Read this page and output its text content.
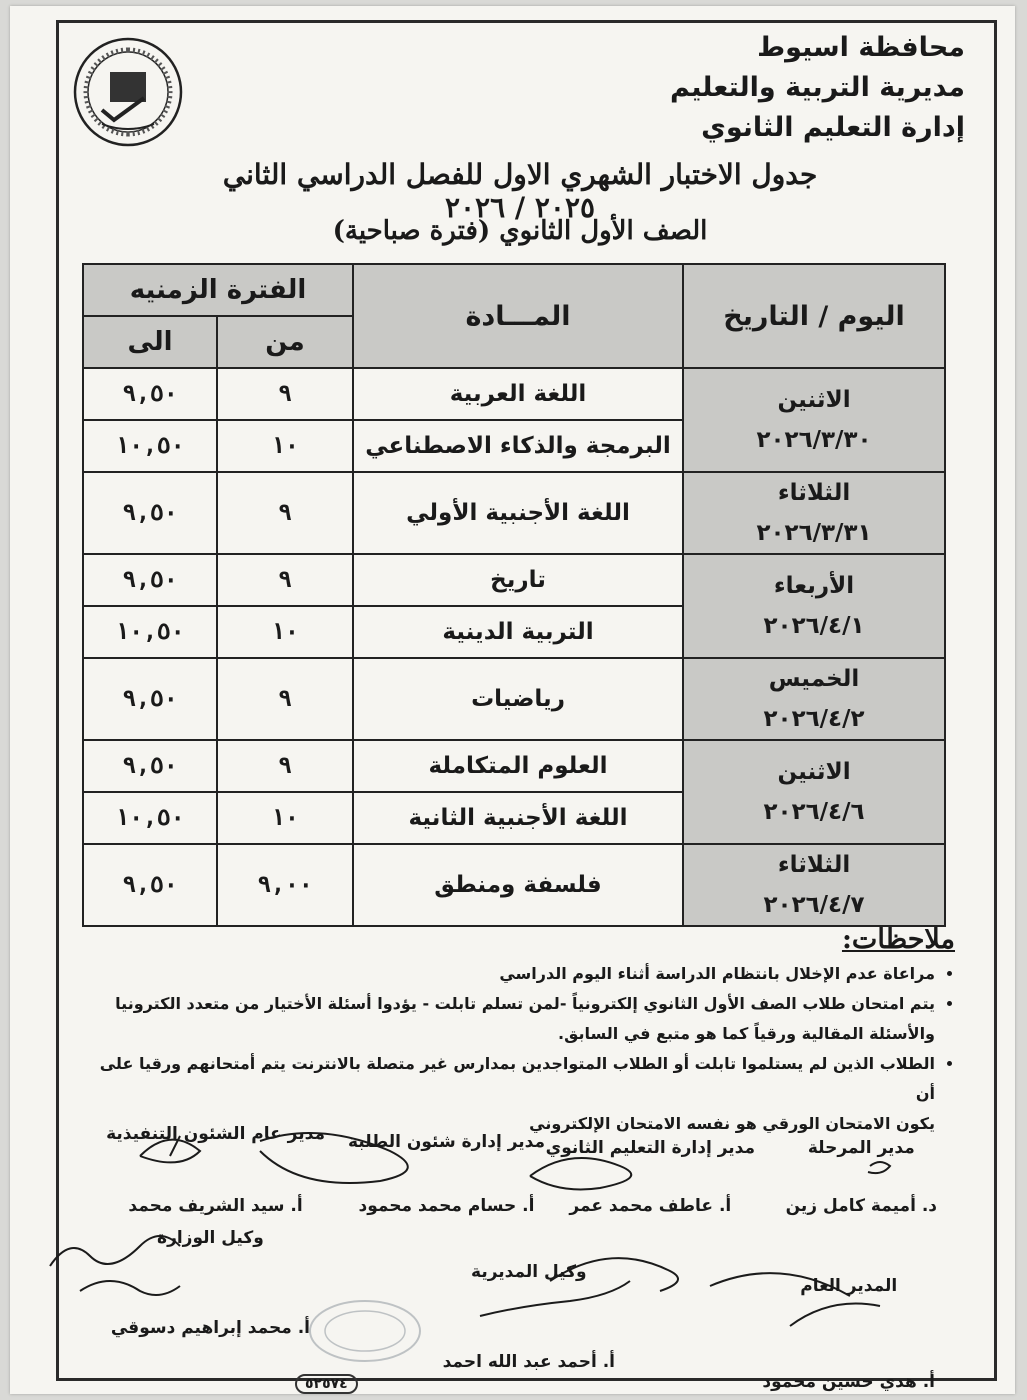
محافظة اسيوط
مديرية التربية والتعليم
إدارة التعليم الثانوي
جدول الاختبار الشهري الاول للفصل الدراسي الثاني ٢٠٢٥ / ٢٠٢٦
الصف الأول الثانوي (فترة صباحية)
اليوم / التاريخ	المـــادة	الفترة الزمنيه	
		من	الى

الاثنين
٢٠٢٦/٣/٣٠	اللغة العربية	٩	٩,٥٠
	البرمجة والذكاء الاصطناعي	١٠	١٠,٥٠

الثلاثاء
٢٠٢٦/٣/٣١	اللغة الأجنبية الأولي	٩	٩,٥٠

الأربعاء
٢٠٢٦/٤/١	تاريخ	٩	٩,٥٠
	التربية الدينية	١٠	١٠,٥٠

الخميس
٢٠٢٦/٤/٢	رياضيات	٩	٩,٥٠

الاثنين
٢٠٢٦/٤/٦	العلوم المتكاملة	٩	٩,٥٠
	اللغة الأجنبية الثانية	١٠	١٠,٥٠

الثلاثاء
٢٠٢٦/٤/٧	فلسفة ومنطق	٩,٠٠	٩,٥٠
ملاحظات:
• مراعاة عدم الإخلال بانتظام الدراسة أثناء اليوم الدراسي
• يتم امتحان طلاب الصف الأول الثانوي إلكترونياً -لمن تسلم تابلت - يؤدوا أسئلة الأختيار من متعدد الكترونيا
والأسئلة المقالية ورقياً كما هو متبع في السابق.
• الطلاب الذين لم يستلموا تابلت أو الطلاب المتواجدين بمدارس غير متصلة بالانترنت يتم أمتحانهم ورقيا على أن
يكون الامتحان الورقي هو نفسه الامتحان الإلكتروني
مدير المرحلة
د. أميمة كامل زين
مدير إدارة التعليم الثانوي
أ. عاطف محمد عمر
مدير إدارة شئون الطلبة
أ. حسام محمد محمود
مدير عام الشئون التنفيذية
أ. سيد الشريف محمد
المدير العام
أ. هدي حسين محمود
وكيل المديرية
أ. أحمد عبد الله احمد
وكيل الوزارة
أ. محمد إبراهيم دسوقي
٥٢٥٧٤
